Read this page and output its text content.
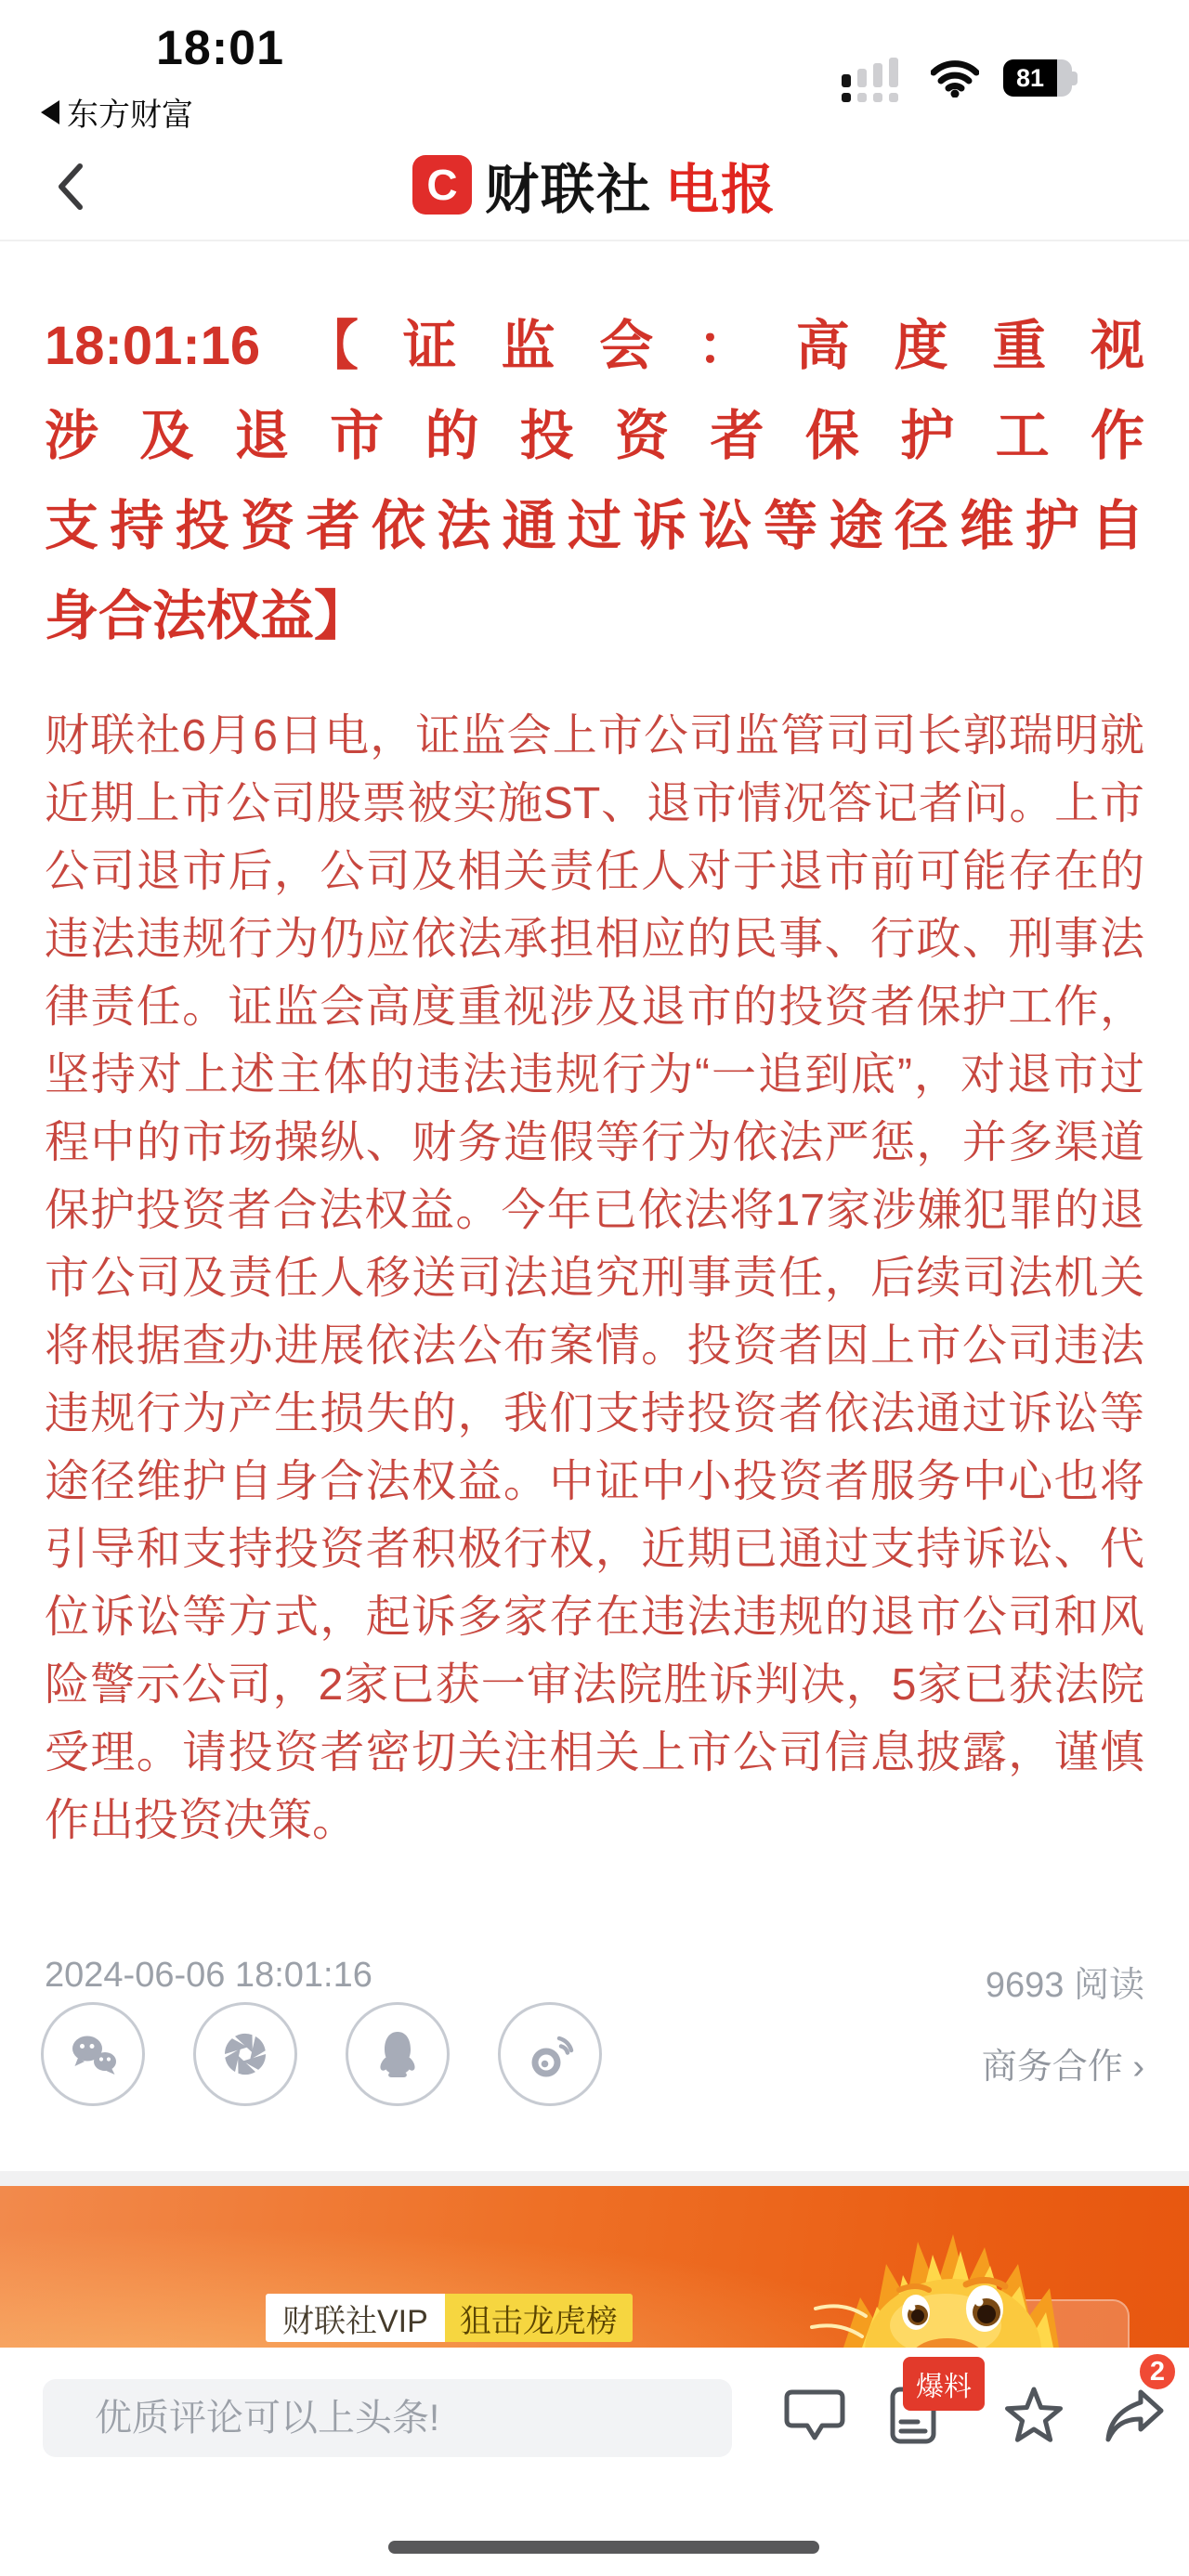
18:01
东方财富
81
C 财联社 电报
18:01:16【证监会：高度重视
涉及退市的投资者保护工作
支持投资者依法通过诉讼等途径维护自
身合法权益】
财联社6月6日电，证监会上市公司监管司司长郭瑞明就
近期上市公司股票被实施ST、退市情况答记者问。上市
公司退市后，公司及相关责任人对于退市前可能存在的
违法违规行为仍应依法承担相应的民事、行政、刑事法
律责任。证监会高度重视涉及退市的投资者保护工作，
坚持对上述主体的违法违规行为“一追到底”，对退市过
程中的市场操纵、财务造假等行为依法严惩，并多渠道
保护投资者合法权益。今年已依法将17家涉嫌犯罪的退
市公司及责任人移送司法追究刑事责任，后续司法机关
将根据查办进展依法公布案情。投资者因上市公司违法
违规行为产生损失的，我们支持投资者依法通过诉讼等
途径维护自身合法权益。中证中小投资者服务中心也将
引导和支持投资者积极行权，近期已通过支持诉讼、代
位诉讼等方式，起诉多家存在违法违规的退市公司和风
险警示公司，2家已获一审法院胜诉判决，5家已获法院
受理。请投资者密切关注相关上市公司信息披露，谨慎
作出投资决策。
2024-06-06 18:01:16	9693 阅读
商务合作 ›
财联社VIP	狙击龙虎榜
优质评论可以上头条!
爆料
2
